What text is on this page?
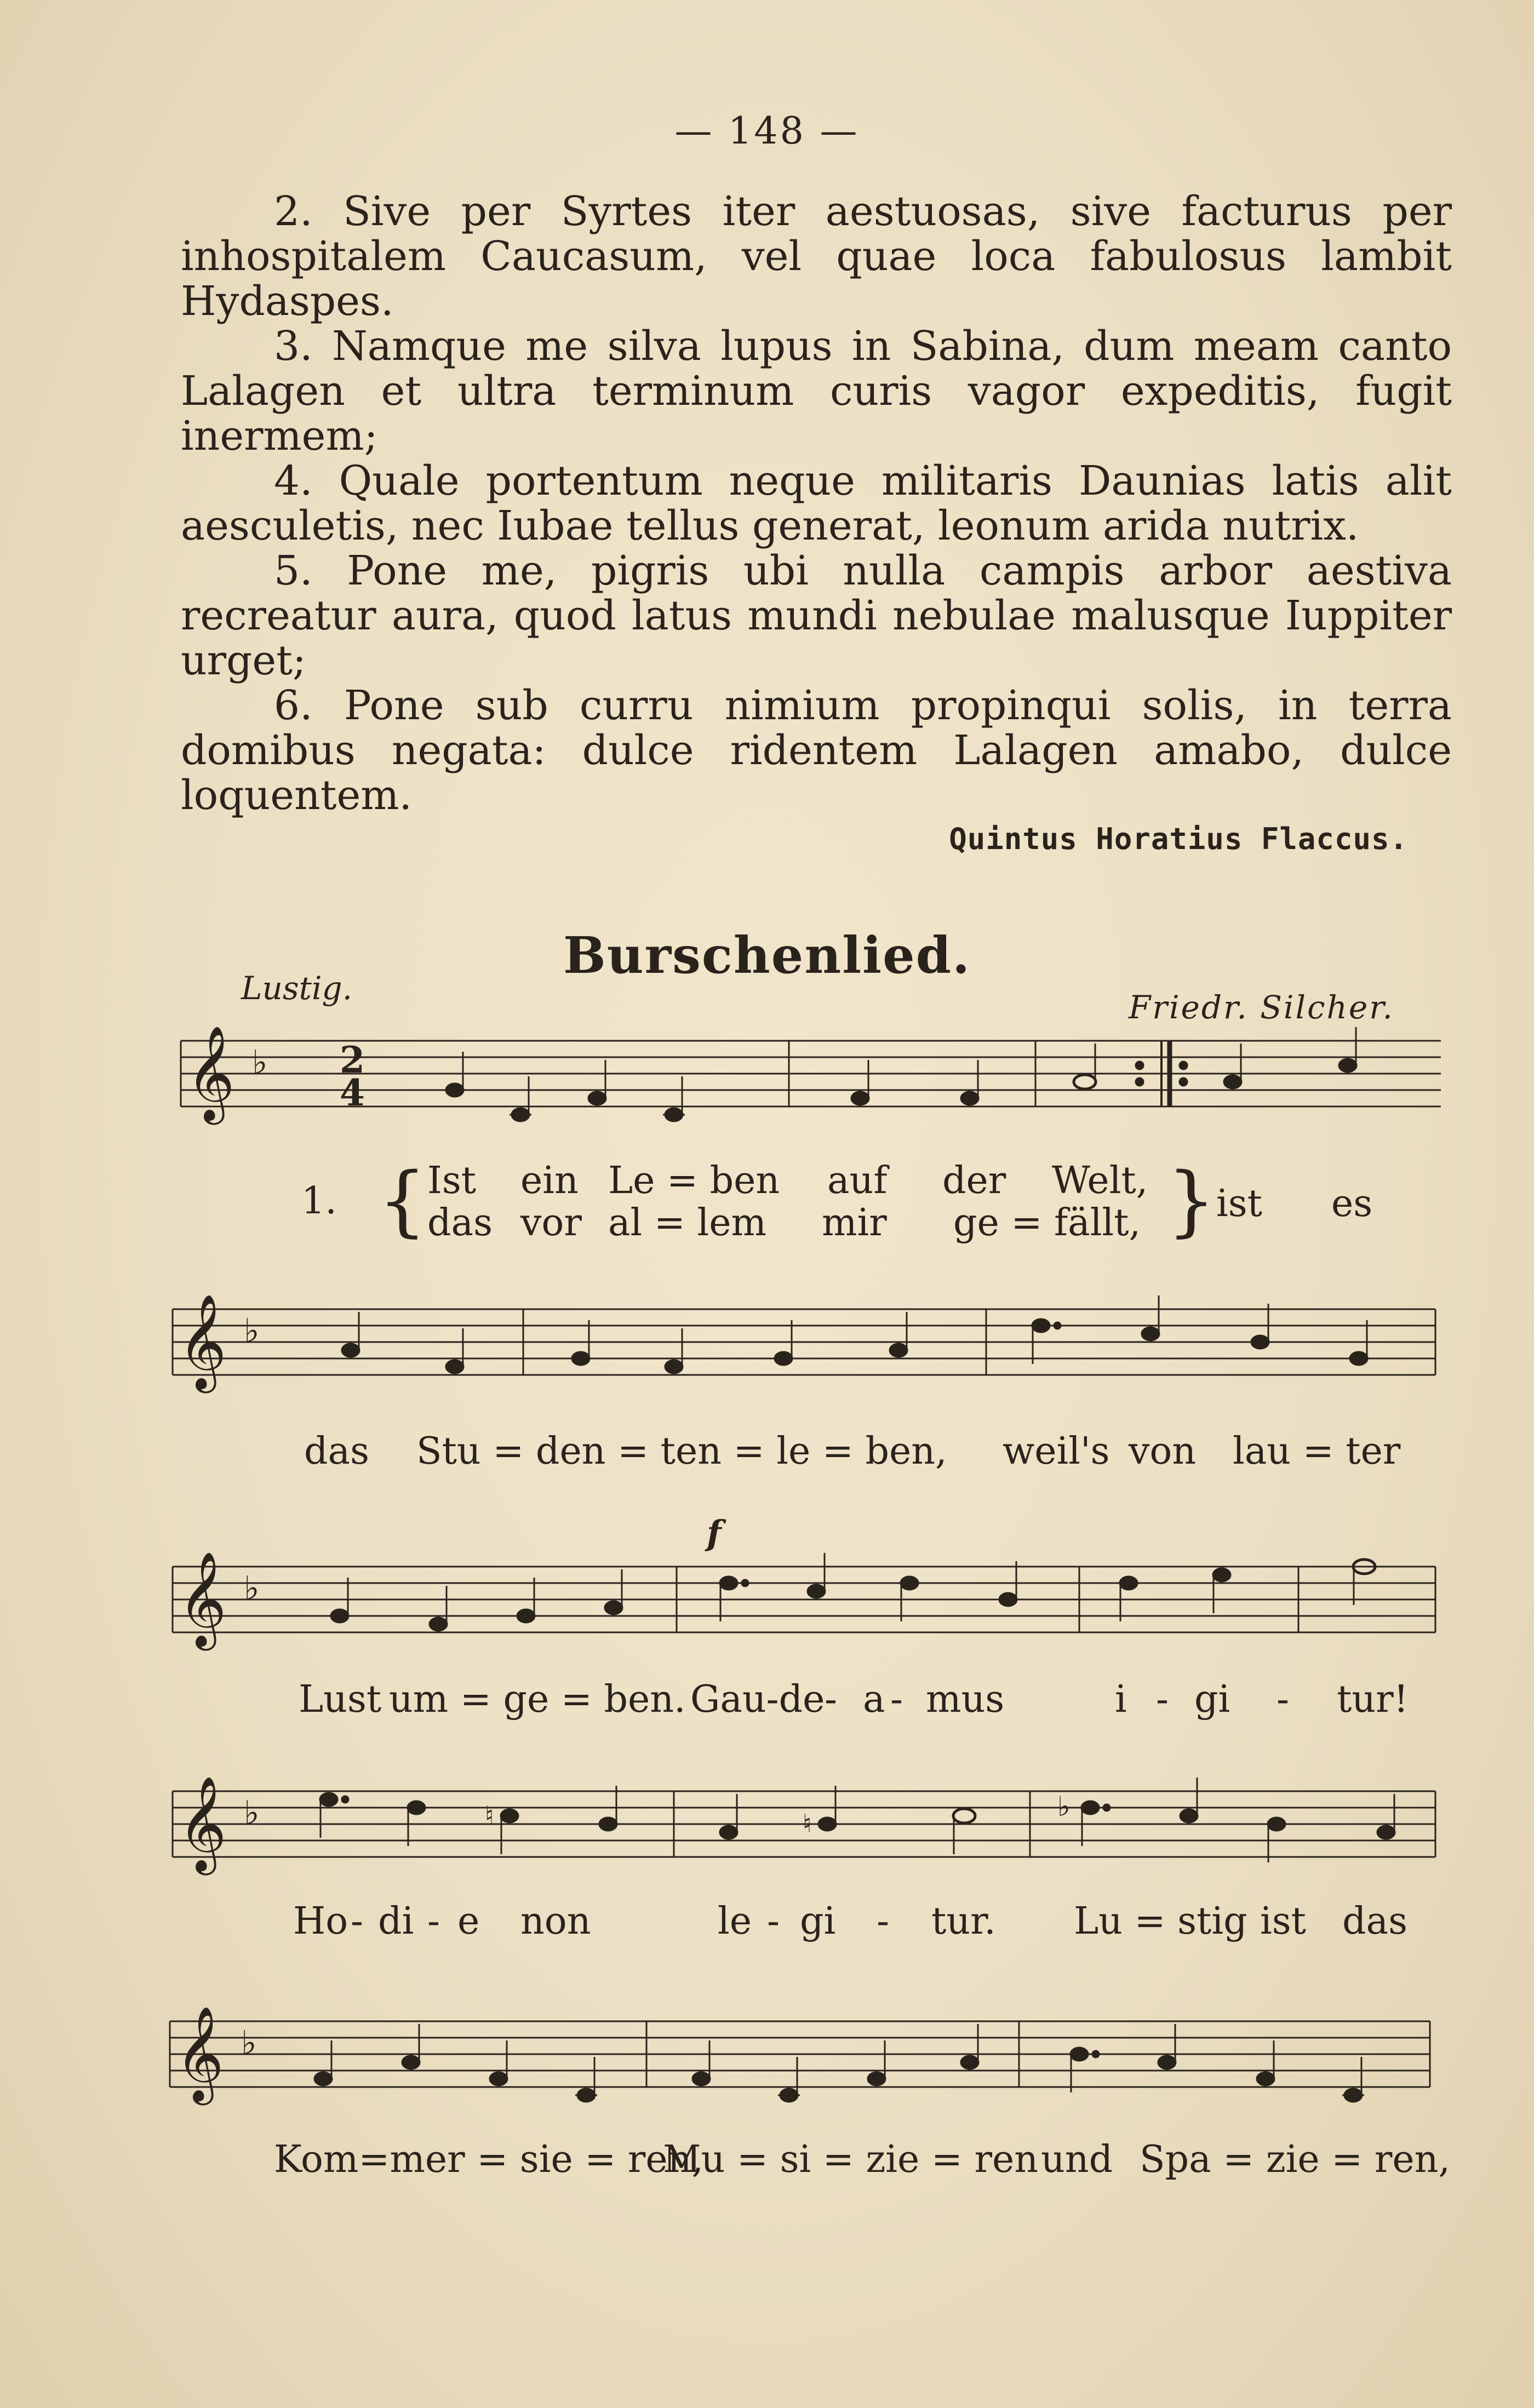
— 148 —

2. Sive per Syrtes iter aestuosas, sive facturus per inhospitalem Caucasum, vel quae loca fabulosus lambit Hydaspes.

3. Namque me silva lupus in Sabina, dum meam canto Lalagen et ultra terminum curis vagor expeditis, fugit inermem;

4. Quale portentum neque militaris Daunias latis alit aesculetis, nec Iubae tellus generat, leonum arida nutrix.

5. Pone me, pigris ubi nulla campis arbor aestiva recreatur aura, quod latus mundi nebulae malusque Iuppiter urget;

6. Pone sub curru nimium propinqui solis, in terra domibus negata: dulce ridentem Lalagen amabo, dulce loquentem.

Quintus Horatius Flaccus.
Burschenlied.
Lustig.
Friedr. Silcher.
𝄞 ♭ 2
4
1. { Ist ein Le = ben auf der Welt,
das vor al = lem mir ge = fällt, } ist es
𝄞 ♭
das Stu = den = ten = le = ben, weil's von lau = ter
f
𝄞 ♭
Lust um = ge = ben. Gau-de - a - mus	i - gi - tur!
𝄞 ♭	♮	♮
♭
Ho - di - e non	le - gi - tur. Lu = stig ist das
𝄞 ♭
Kom=mer = sie = ren,
Mu = si = zie = ren und Spa = zie = ren,
